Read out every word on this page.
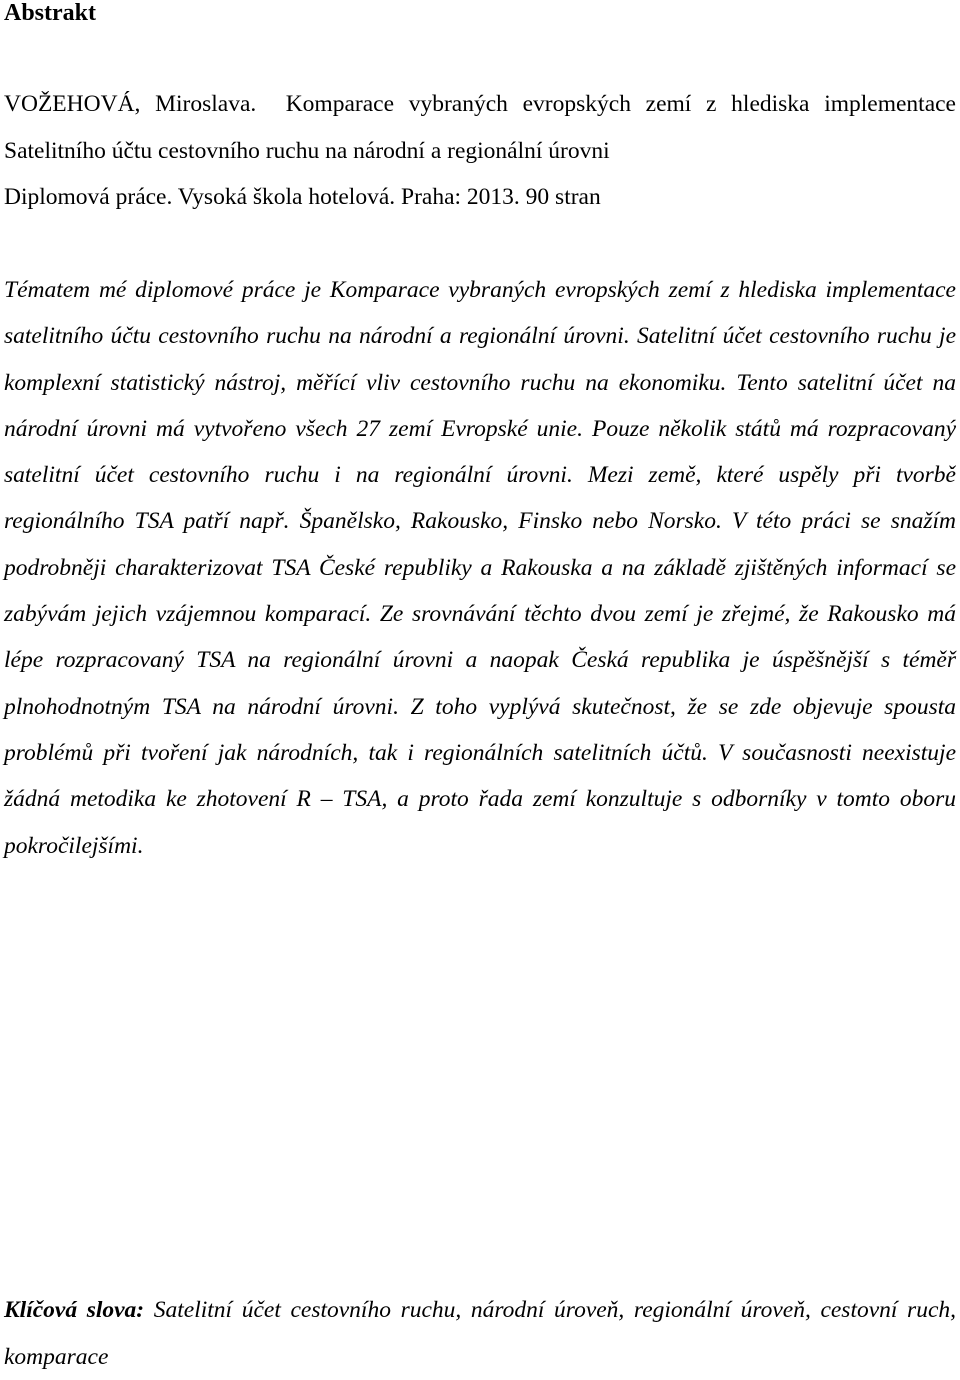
Abstrakt

VOŽEHOVÁ, Miroslava. Komparace vybraných evropských zemí z hlediska implementace Satelitního účtu cestovního ruchu na národní a regionální úrovni
Diplomová práce. Vysoká škola hotelová. Praha: 2013. 90 stran

Tématem mé diplomové práce je Komparace vybraných evropských zemí z hlediska implementace satelitního účtu cestovního ruchu na národní a regionální úrovni. Satelitní účet cestovního ruchu je komplexní statistický nástroj, měřící vliv cestovního ruchu na ekonomiku. Tento satelitní účet na národní úrovni má vytvořeno všech 27 zemí Evropské unie. Pouze několik států má rozpracovaný satelitní účet cestovního ruchu i na regionální úrovni. Mezi země, které uspěly při tvorbě regionálního TSA patří např. Španělsko, Rakousko, Finsko nebo Norsko. V této práci se snažím podrobněji charakterizovat TSA České republiky a Rakouska a na základě zjištěných informací se zabývám jejich vzájemnou komparací. Ze srovnávání těchto dvou zemí je zřejmé, že Rakousko má lépe rozpracovaný TSA na regionální úrovni a naopak Česká republika je úspěšnější s téměř plnohodnotným TSA na národní úrovni. Z toho vyplývá skutečnost, že se zde objevuje spousta problémů při tvoření jak národních, tak i regionálních satelitních účtů. V současnosti neexistuje žádná metodika ke zhotovení R – TSA, a proto řada zemí konzultuje s odborníky v tomto oboru pokročilejšími.

Klíčová slova: Satelitní účet cestovního ruchu, národní úroveň, regionální úroveň, cestovní ruch, komparace
